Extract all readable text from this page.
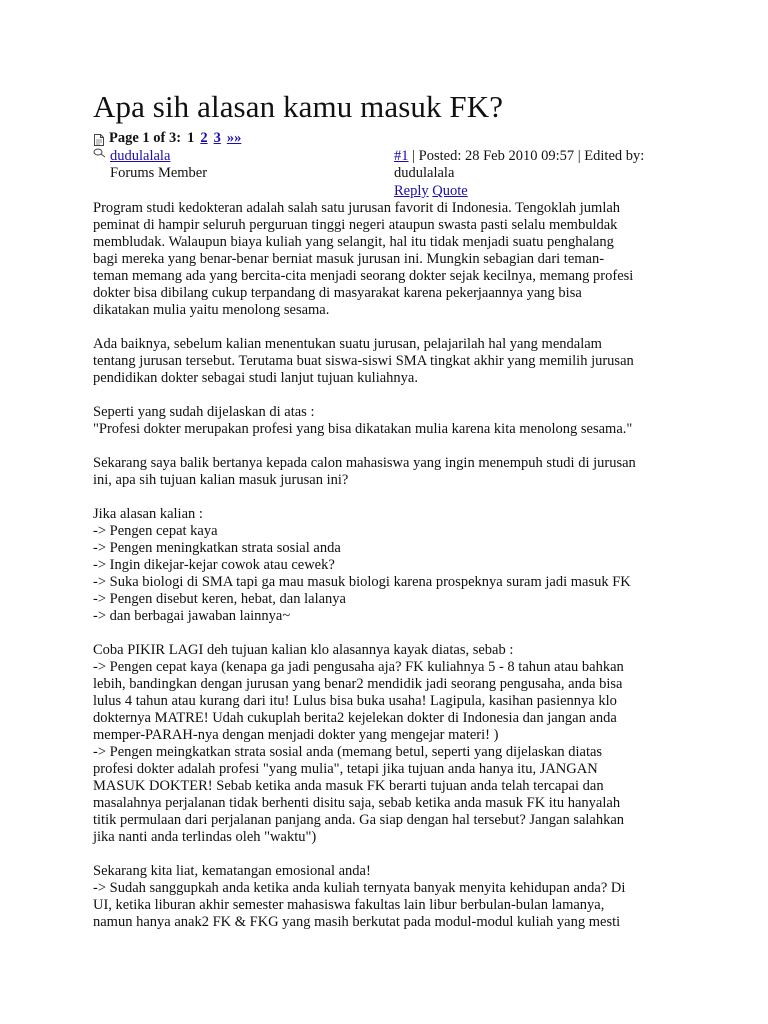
Apa sih alasan kamu masuk FK?
Page 1 of 3: 1 2 3 »»
dudulalala
Forums Member
#1 | Posted: 28 Feb 2010 09:57 | Edited by:
dudulalala
Reply Quote

Program studi kedokteran adalah salah satu jurusan favorit di Indonesia. Tengoklah jumlah
peminat di hampir seluruh perguruan tinggi negeri ataupun swasta pasti selalu membuldak
membludak. Walaupun biaya kuliah yang selangit, hal itu tidak menjadi suatu penghalang
bagi mereka yang benar-benar berniat masuk jurusan ini. Mungkin sebagian dari teman-
teman memang ada yang bercita-cita menjadi seorang dokter sejak kecilnya, memang profesi
dokter bisa dibilang cukup terpandang di masyarakat karena pekerjaannya yang bisa
dikatakan mulia yaitu menolong sesama.

Ada baiknya, sebelum kalian menentukan suatu jurusan, pelajarilah hal yang mendalam
tentang jurusan tersebut. Terutama buat siswa-siswi SMA tingkat akhir yang memilih jurusan
pendidikan dokter sebagai studi lanjut tujuan kuliahnya.

Seperti yang sudah dijelaskan di atas :
"Profesi dokter merupakan profesi yang bisa dikatakan mulia karena kita menolong sesama."

Sekarang saya balik bertanya kepada calon mahasiswa yang ingin menempuh studi di jurusan
ini, apa sih tujuan kalian masuk jurusan ini?

Jika alasan kalian :
-> Pengen cepat kaya
-> Pengen meningkatkan strata sosial anda
-> Ingin dikejar-kejar cowok atau cewek?
-> Suka biologi di SMA tapi ga mau masuk biologi karena prospeknya suram jadi masuk FK
-> Pengen disebut keren, hebat, dan lalanya
-> dan berbagai jawaban lainnya~

Coba PIKIR LAGI deh tujuan kalian klo alasannya kayak diatas, sebab :
-> Pengen cepat kaya (kenapa ga jadi pengusaha aja? FK kuliahnya 5 - 8 tahun atau bahkan
lebih, bandingkan dengan jurusan yang benar2 mendidik jadi seorang pengusaha, anda bisa
lulus 4 tahun atau kurang dari itu! Lulus bisa buka usaha! Lagipula, kasihan pasiennya klo
dokternya MATRE! Udah cukuplah berita2 kejelekan dokter di Indonesia dan jangan anda
memper-PARAH-nya dengan menjadi dokter yang mengejar materi! )
-> Pengen meingkatkan strata sosial anda (memang betul, seperti yang dijelaskan diatas
profesi dokter adalah profesi "yang mulia", tetapi jika tujuan anda hanya itu, JANGAN
MASUK DOKTER! Sebab ketika anda masuk FK berarti tujuan anda telah tercapai dan
masalahnya perjalanan tidak berhenti disitu saja, sebab ketika anda masuk FK itu hanyalah
titik permulaan dari perjalanan panjang anda. Ga siap dengan hal tersebut? Jangan salahkan
jika nanti anda terlindas oleh "waktu")

Sekarang kita liat, kematangan emosional anda!
-> Sudah sanggupkah anda ketika anda kuliah ternyata banyak menyita kehidupan anda? Di
UI, ketika liburan akhir semester mahasiswa fakultas lain libur berbulan-bulan lamanya,
namun hanya anak2 FK & FKG yang masih berkutat pada modul-modul kuliah yang mesti
